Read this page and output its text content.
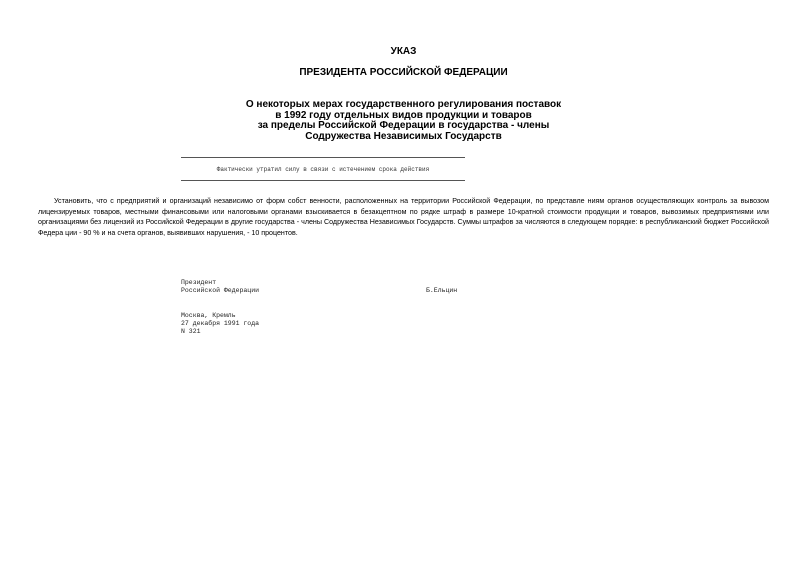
УКАЗ
ПРЕЗИДЕНТА РОССИЙСКОЙ ФЕДЕРАЦИИ
О некоторых мерах государственного регулирования поставок
в 1992 году отдельных видов продукции и товаров
за пределы Российской Федерации в государства - члены
Содружества Независимых Государств
Фактически утратил силу в связи с истечением срока действия

Установить, что с предприятий и организаций независимо от форм собст венности, расположенных на территории Российской Федерации, по представле ниям органов осуществляющих контроль за вывозом лицензируемых товаров, местными финансовыми или налоговыми органами взыскивается в безакцептном по рядке штраф в размере 10-кратной стоимости продукции и товаров, вывозимых предприятиями или организациями без лицензий из Российской Федерации в другие государства - члены Содружества Независимых Государств. Суммы штрафов за числяются в следующем порядке: в республиканский бюджет Российской Федера ции - 90 % и на счета органов, выявивших нарушения, - 10 процентов.

Президент
Российской Федерации	Б.Ельцин
Москва, Кремль
27 декабря 1991 года
N 321
